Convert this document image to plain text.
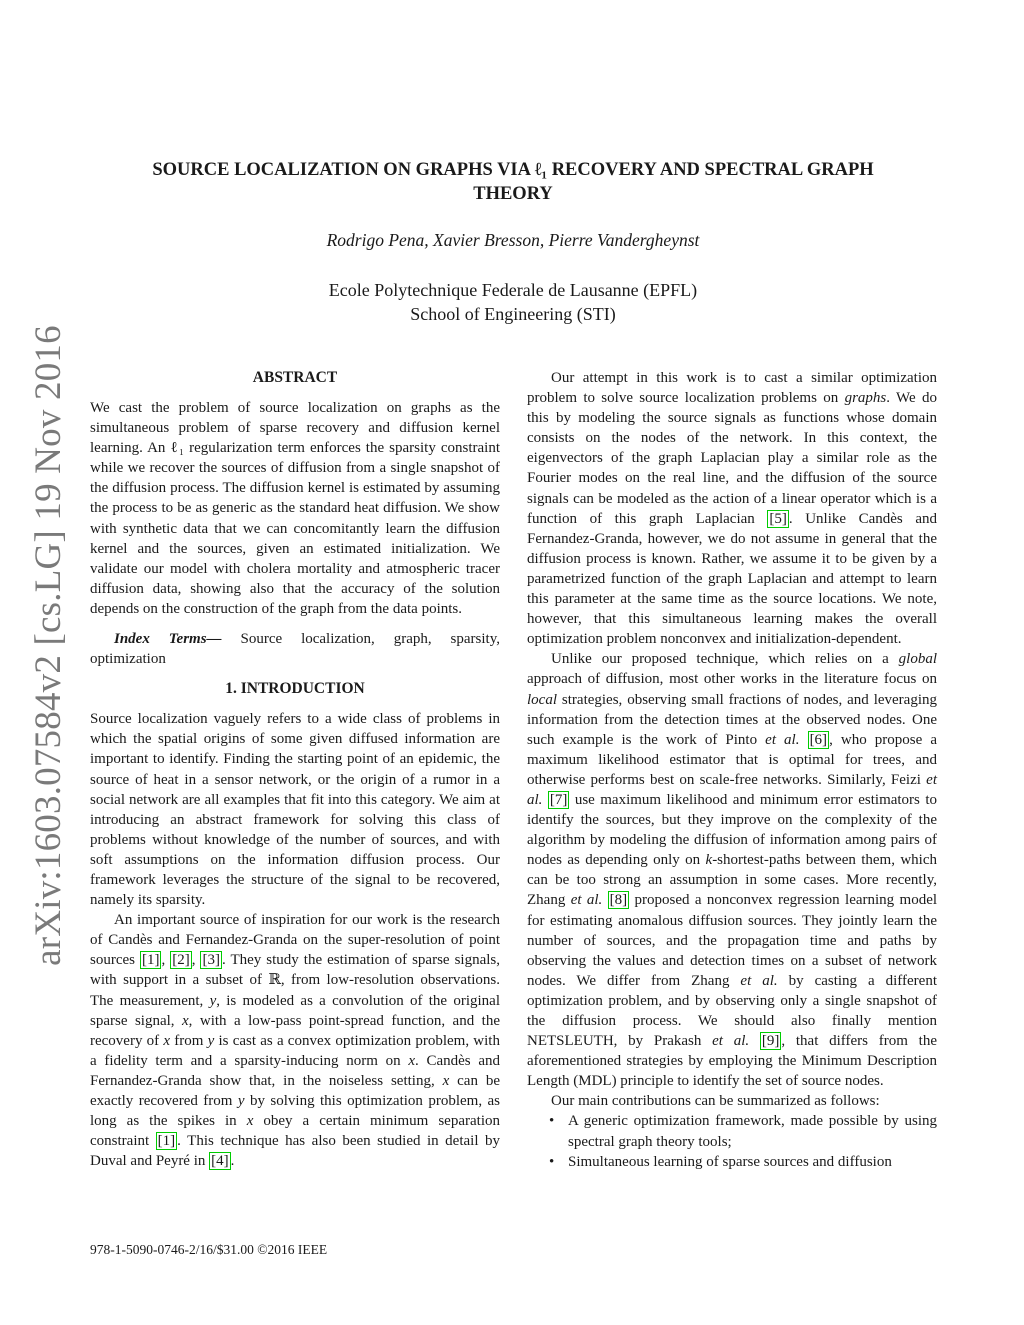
arXiv:1603.07584v2 [cs.LG] 19 Nov 2016
SOURCE LOCALIZATION ON GRAPHS VIA ℓ₁ RECOVERY AND SPECTRAL GRAPH
THEORY
Rodrigo Pena, Xavier Bresson, Pierre Vandergheynst
Ecole Polytechnique Federale de Lausanne (EPFL)
School of Engineering (STI)
ABSTRACT

We cast the problem of source localization on graphs as the simultaneous problem of sparse recovery and diffusion kernel learning. An ℓ₁ regularization term enforces the sparsity constraint while we recover the sources of diffusion from a single snapshot of the diffusion process. The diffusion kernel is estimated by assuming the process to be as generic as the standard heat diffusion. We show with synthetic data that we can concomitantly learn the diffusion kernel and the sources, given an estimated initialization. We validate our model with cholera mortality and atmospheric tracer diffusion data, showing also that the accuracy of the solution depends on the construction of the graph from the data points.

Index Terms— Source localization, graph, sparsity, optimization

1. INTRODUCTION

Source localization vaguely refers to a wide class of problems in which the spatial origins of some given diffused information are important to identify. Finding the starting point of an epidemic, the source of heat in a sensor network, or the origin of a rumor in a social network are all examples that fit into this category. We aim at introducing an abstract framework for solving this class of problems without knowledge of the number of sources, and with soft assumptions on the information diffusion process. Our framework leverages the structure of the signal to be recovered, namely its sparsity.

An important source of inspiration for our work is the research of Candès and Fernandez-Granda on the super-resolution of point sources [1] , [2] , [3] . They study the estimation of sparse signals, with support in a subset of ℝ, from low-resolution observations. The measurement, y, is modeled as a convolution of the original sparse signal, x, with a low-pass point-spread function, and the recovery of x from y is cast as a convex optimization problem, with a fidelity term and a sparsity-inducing norm on x. Candès and Fernandez-Granda show that, in the noiseless setting, x can be exactly recovered from y by solving this optimization problem, as long as the spikes in x obey a certain minimum separation constraint [1] . This technique has also been studied in detail by Duval and Peyré in [4] .

Our attempt in this work is to cast a similar optimization problem to solve source localization problems on graphs. We do this by modeling the source signals as functions whose domain consists on the nodes of the network. In this context, the eigenvectors of the graph Laplacian play a similar role as the Fourier modes on the real line, and the diffusion of the source signals can be modeled as the action of a linear operator which is a function of this graph Laplacian [5] . Unlike Candès and Fernandez-Granda, however, we do not assume in general that the diffusion process is known. Rather, we assume it to be given by a parametrized function of the graph Laplacian and attempt to learn this parameter at the same time as the source locations. We note, however, that this simultaneous learning makes the overall optimization problem nonconvex and initialization-dependent.

Unlike our proposed technique, which relies on a global approach of diffusion, most other works in the literature focus on local strategies, observing small fractions of nodes, and leveraging information from the detection times at the observed nodes. One such example is the work of Pinto et al. [6] , who propose a maximum likelihood estimator that is optimal for trees, and otherwise performs best on scale-free networks. Similarly, Feizi et al. [7] use maximum likelihood and minimum error estimators to identify the sources, but they improve on the complexity of the algorithm by modeling the diffusion of information among pairs of nodes as depending only on k-shortest-paths between them, which can be too strong an assumption in some cases. More recently, Zhang et al. [8] proposed a nonconvex regression learning model for estimating anomalous diffusion sources. They jointly learn the number of sources, and the propagation time and paths by observing the values and detection times on a subset of network nodes. We differ from Zhang et al. by casting a different optimization problem, and by observing only a single snapshot of the diffusion process. We should also finally mention NETSLEUTH, by Prakash et al. [9] , that differs from the aforementioned strategies by employing the Minimum Description Length (MDL) principle to identify the set of source nodes.

Our main contributions can be summarized as follows:

• A generic optimization framework, made possible by using spectral graph theory tools;
• Simultaneous learning of sparse sources and diffusion
978-1-5090-0746-2/16/$31.00 ©2016 IEEE
